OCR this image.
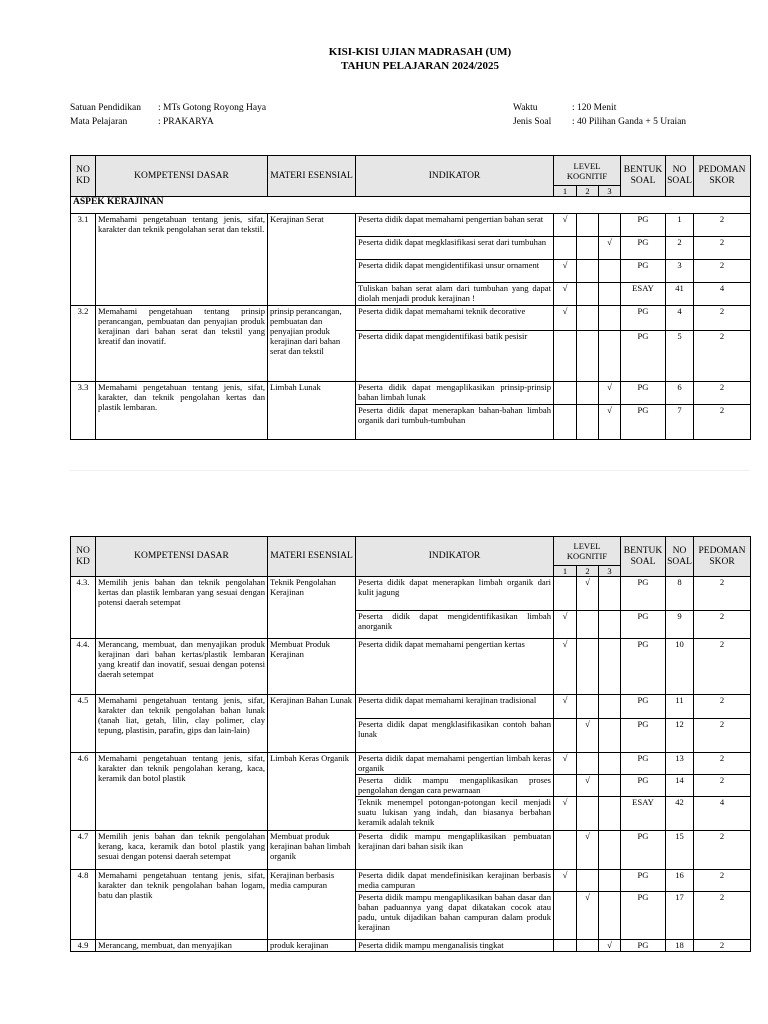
KISI-KISI UJIAN MADRASAH (UM)
TAHUN PELAJARAN 2024/2025
Satuan Pendidikan : MTs Gotong Royong Haya
Mata Pelajaran	: PRAKARYA
Waktu	: 120 Menit
Jenis Soal : 40 Pilihan Ganda + 5 Uraian
NO KD	KOMPETENSI DASAR	MATERI ESENSIAL	INDIKATOR	LEVEL KOGNITIF			BENTUK SOAL	NO SOAL	PEDOMAN SKOR
				1	2	3			
ASPEK KERAJINAN									
3.1	Memahami pengetahuan tentang jenis, sifat, karakter dan teknik pengolahan serat dan tekstil.	Kerajinan Serat	Peserta didik dapat memahami pengertian bahan serat	√			PG	1	2
			Peserta didik dapat megklasifikasi serat dari tumbuhan			√	PG	2	2
			Peserta didik dapat mengidentifikasi unsur ornament	√			PG	3	2
			Tuliskan bahan serat alam dari tumbuhan yang dapat diolah menjadi produk kerajinan !	√			ESAY	41	4
3.2	Memahami pengetahuan tentang prinsip perancangan, pembuatan dan penyajian produk kerajinan dari bahan serat dan tekstil yang kreatif dan inovatif.	prinsip perancangan, pembuatan dan penyajian produk kerajinan dari bahan serat dan tekstil	Peserta didik dapat memahami teknik decorative	√			PG	4	2
			Peserta didik dapat mengidentifikasi batik pesisir				PG	5	2
3.3	Memahami pengetahuan tentang jenis, sifat, karakter, dan teknik pengolahan kertas dan plastik lembaran.	Limbah Lunak	Peserta didik dapat mengaplikasikan prinsip-prinsip bahan limbah lunak			√	PG	6	2
			Peserta didik dapat menerapkan bahan-bahan limbah organik dari tumbuh-tumbuhan			√	PG	7	2
NO KD	KOMPETENSI DASAR	MATERI ESENSIAL	INDIKATOR	LEVEL KOGNITIF			BENTUK SOAL	NO SOAL	PEDOMAN SKOR
				1	2	3			
4.3.	Memilih jenis bahan dan teknik pengolahan kertas dan plastik lembaran yang sesuai dengan potensi daerah setempat	Teknik Pengolahan Kerajinan	Peserta didik dapat menerapkan limbah organik dari kulit jagung		√		PG	8	2
			Peserta didik dapat mengidentifikasikan limbah anorganik	√			PG	9	2
4.4.	Merancang, membuat, dan menyajikan produk kerajinan dari bahan kertas/plastik lembaran yang kreatif dan inovatif, sesuai dengan potensi daerah setempat	Membuat Produk Kerajinan	Peserta didik dapat memahami pengertian kertas	√			PG	10	2
4.5	Memahami pengetahuan tentang jenis, sifat, karakter dan teknik pengolahan bahan lunak (tanah liat, getah, lilin, clay polimer, clay tepung, plastisin, parafin, gips dan lain-lain)	Kerajinan Bahan Lunak	Peserta didik dapat memahami kerajinan tradisional	√			PG	11	2
			Peserta didik dapat mengklasifikasikan contoh bahan lunak		√		PG	12	2
4.6	Memahami pengetahuan tentang jenis, sifat, karakter dan teknik pengolahan kerang, kaca, keramik dan botol plastik	Limbah Keras Organik	Peserta didik dapat memahami pengertian limbah keras organik	√			PG	13	2
			Peserta didik mampu mengaplikasikan proses pengolahan dengan cara pewarnaan		√		PG	14	2
			Teknik menempel potongan-potongan kecil menjadi suatu lukisan yang indah, dan biasanya berbahan keramik adalah teknik	√			ESAY	42	4
4.7	Memilih jenis bahan dan teknik pengolahan kerang, kaca, keramik dan botol plastik yang sesuai dengan potensi daerah setempat	Membuat produk kerajinan bahan limbah organik	Peserta didik mampu mengaplikasikan pembuatan kerajinan dari bahan sisik ikan		√		PG	15	2
4.8	Memahami pengetahuan tentang jenis, sifat, karakter dan teknik pengolahan bahan logam, batu dan plastik	Kerajinan berbasis media campuran	Peserta didik dapat mendefinisikan kerajinan berbasis media campuran	√			PG	16	2
			Peserta didik mampu mengaplikasikan bahan dasar dan bahan paduannya yang dapat dikatakan cocok atau padu, untuk dijadikan bahan campuran dalam produk kerajinan		√		PG	17	2
4.9	Merancang, membuat, dan menyajikan	produk kerajinan	Peserta didik mampu menganalisis tingkat			√	PG	18	2
